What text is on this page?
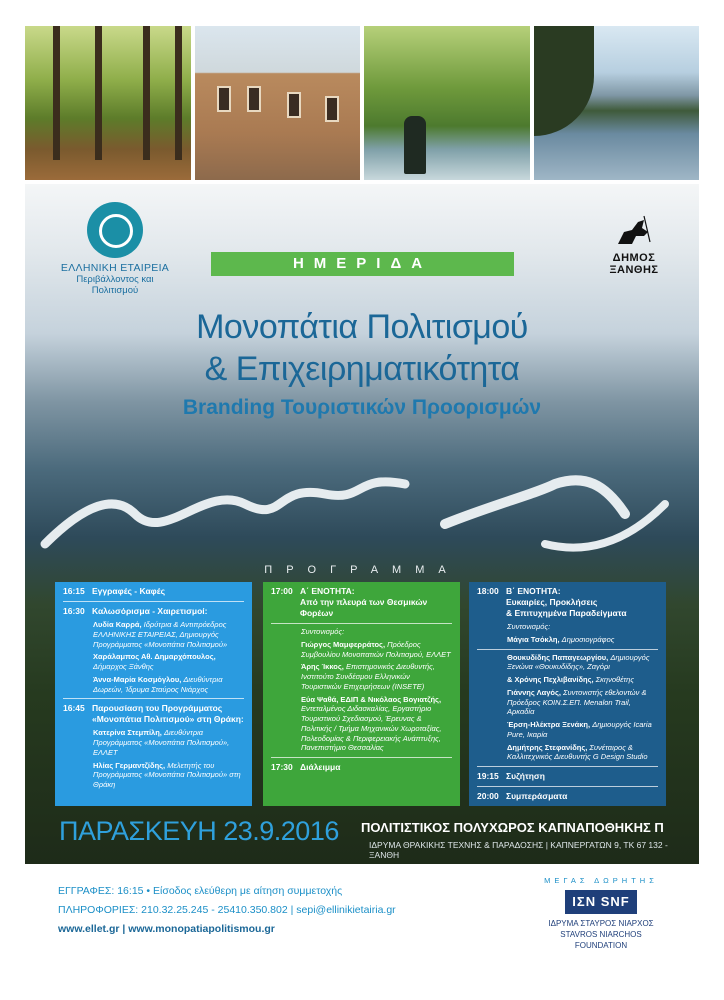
ΕΛΛΗΝΙΚΗ ΕΤΑΙΡΕΙΑ
Περιβάλλοντος και Πολιτισμού
ΔΗΜΟΣ ΞΑΝΘΗΣ
ΗΜΕΡΙΔΑ
Μονοπάτια Πολιτισμού
& Επιχειρηματικότητα
Branding Τουριστικών Προορισμών
ΠΡΟΓΡΑΜΜΑ
16:15 Εγγραφές - Καφές
16:30 Καλωσόρισμα - Χαιρετισμοί:
Λυδία Καρρά, Ιδρύτρια & Αντιπρόεδρος ΕΛΛΗΝΙΚΗΣ ΕΤΑΙΡΕΙΑΣ, Δημιουργός Προγράμματος «Μονοπάτια Πολιτισμού»
Χαράλαμπος Αθ. Δημαρχόπουλος, Δήμαρχος Ξάνθης
Άννα-Μαρία Κοσμόγλου, Διευθύντρια Δωρεών, Ίδρυμα Σταύρος Νιάρχος
16:45 Παρουσίαση του Προγράμματος «Μονοπάτια Πολιτισμού» στη Θράκη:
Κατερίνα Στεμπίλη, Διευθύντρια Προγράμματος «Μονοπάτια Πολιτισμού», ΕΛΛΕΤ
Ηλίας Γερμαντζίδης, Μελετητής του Προγράμματος «Μονοπάτια Πολιτισμού» στη Θράκη
17:00 Α΄ ΕΝΟΤΗΤΑ:
Από την πλευρά των Θεσμικών Φορέων
Συντονισμός:
Γιώργος Μαμφερράτος, Πρόεδρος Συμβουλίου Μονοπατιών Πολιτισμού, ΕΛΛΕΤ
Άρης Ίκκος, Επιστημονικός Διευθυντής, Ινστιτούτο Συνδέσμου Ελληνικών Τουριστικών Επιχειρήσεων (INSETE)
Εύα Ψαθά, ΕΔΙΠ & Νικόλαος Βογιατζής, Εντεταλμένος Διδασκαλίας, Εργαστήριο Τουριστικού Σχεδιασμού, Έρευνας & Πολιτικής / Τμήμα Μηχανικών Χωροταξίας, Πολεοδομίας & Περιφερειακής Ανάπτυξης, Πανεπιστήμιο Θεσσαλίας
17:30 Διάλειμμα
18:00 Β΄ ΕΝΟΤΗΤΑ:
Ευκαιρίες, Προκλήσεις
& Επιτυχημένα Παραδείγματα
Συντονισμός:
Μάγια Τσόκλη, Δημοσιογράφος
Θουκυδίδης Παπαγεωργίου, Δημιουργός Ξενώνα «Θουκυδίδης», Ζαγόρι
& Χρόνης Πεχλιβανίδης, Σκηνοθέτης
Γιάννης Λαγός, Συντονιστής εθελοντών & Πρόεδρος ΚΟΙΝ.Σ.ΕΠ. Menalon Trail, Αρκαδία
Έρση-Ηλέκτρα Ξενάκη, Δημιουργός Icaria Pure, Ικαρία
Δημήτρης Στεφανίδης, Συνέταιρος & Καλλιτεχνικός Διευθυντής G Design Studio
19:15 Συζήτηση
20:00 Συμπεράσματα
ΠΑΡΑΣΚΕΥΗ 23.9.2016 ΠΟΛΙΤΙΣΤΙΚΟΣ ΠΟΛΥΧΩΡΟΣ ΚΑΠΝΑΠΟΘΗΚΗΣ Π
ΙΔΡΥΜΑ ΘΡΑΚΙΚΗΣ ΤΕΧΝΗΣ & ΠΑΡΑΔΟΣΗΣ | ΚΑΠΝΕΡΓΑΤΩΝ 9, ΤΚ 67 132 - ΞΑΝΘΗ
ΕΓΓΡΑΦΕΣ: 16:15 • Είσοδος ελεύθερη με αίτηση συμμετοχής
ΠΛΗΡΟΦΟΡΙΕΣ: 210.32.25.245 - 25410.350.802 | sepi@ellinikietairia.gr
www.ellet.gr | www.monopatiapolitismou.gr
ΜΕΓΑΣ ΔΩΡΗΤΗΣ
ΙΣΝ SNF
ΙΔΡΥΜΑ ΣΤΑΥΡΟΣ ΝΙΑΡΧΟΣ
STAVROS NIARCHOS
FOUNDATION
